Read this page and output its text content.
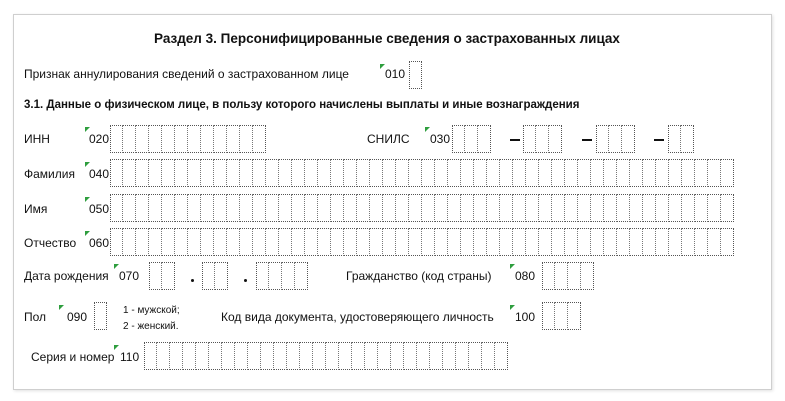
Раздел 3. Персонифицированные сведения о застрахованных лицах
Признак аннулирования сведений о застрахованном лице	010
3.1. Данные о физическом лице, в пользу которого начислены выплаты и иные вознаграждения
ИНН	020	СНИЛС 030
Фамилия 040
Имя	050
Отчество 060
Дата рождения 070	Гражданство (код страны) 080
Пол 090	1 - мужской;
2 - женский.
Код вида документа, удостоверяющего личность 100
Серия и номер 110
